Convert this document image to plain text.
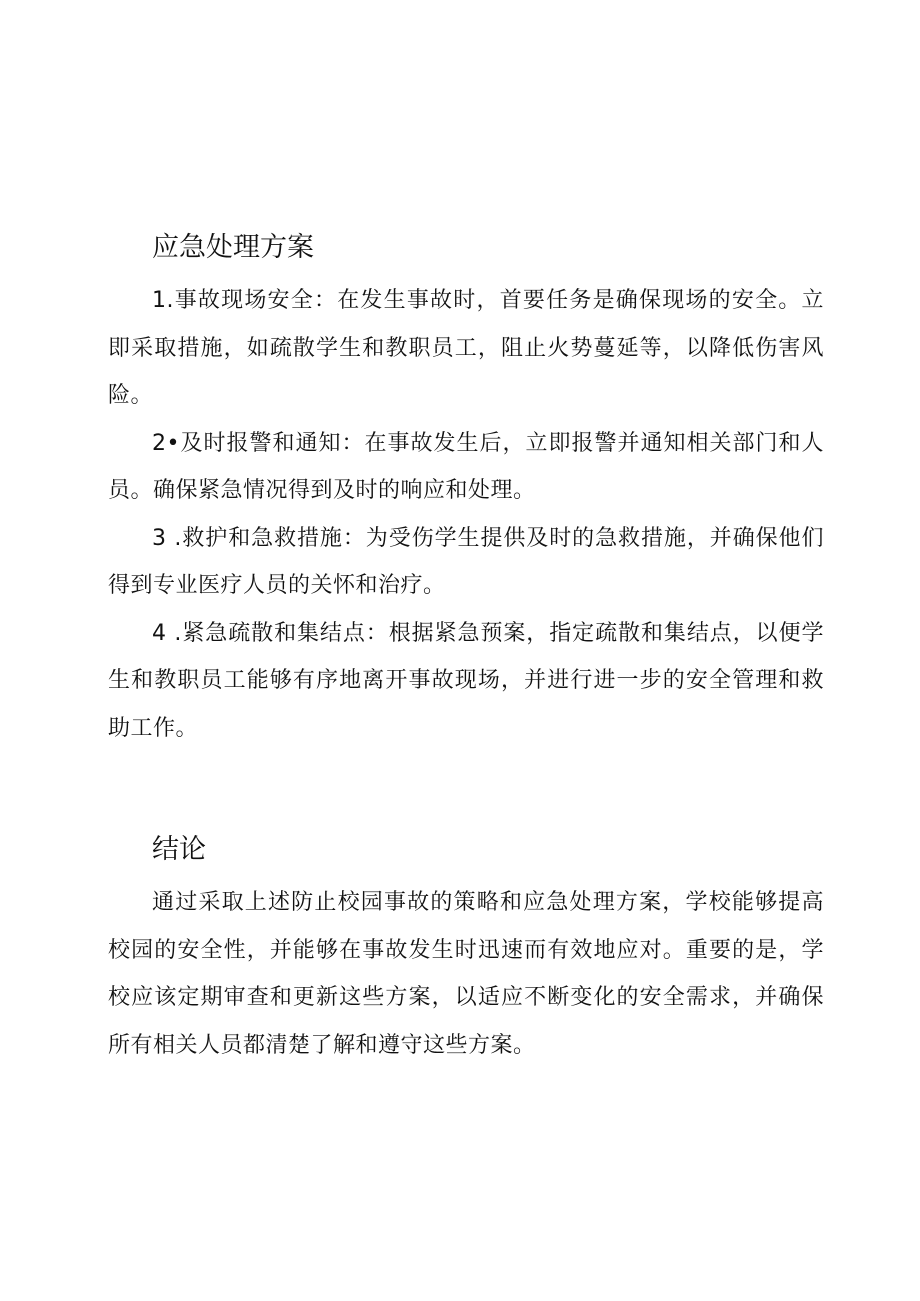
应急处理方案

1.事故现场安全：在发生事故时，首要任务是确保现场的安全。立即采取措施，如疏散学生和教职员工，阻止火势蔓延等，以降低伤害风险。

2•及时报警和通知：在事故发生后，立即报警并通知相关部门和人员。确保紧急情况得到及时的响应和处理。

3 .救护和急救措施：为受伤学生提供及时的急救措施，并确保他们得到专业医疗人员的关怀和治疗。

4 .紧急疏散和集结点：根据紧急预案，指定疏散和集结点，以便学生和教职员工能够有序地离开事故现场，并进行进一步的安全管理和救助工作。

结论

通过采取上述防止校园事故的策略和应急处理方案，学校能够提高校园的安全性，并能够在事故发生时迅速而有效地应对。重要的是，学校应该定期审查和更新这些方案，以适应不断变化的安全需求，并确保所有相关人员都清楚了解和遵守这些方案。
